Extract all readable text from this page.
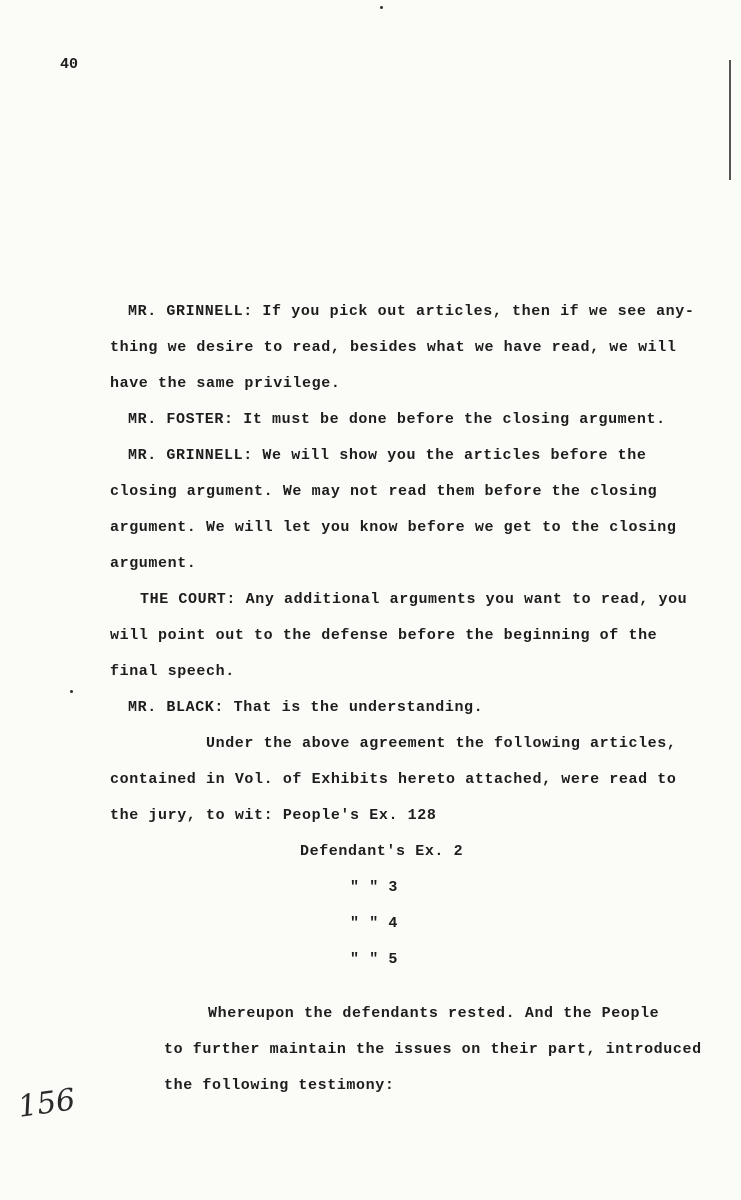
40
MR. GRINNELL: If you pick out articles, then if we see any-
thing we desire to read, besides what we have read, we will
have the same privilege.
MR. FOSTER: It must be done before the closing argument.
MR. GRINNELL: We will show you the articles before the
closing argument. We may not read them before the closing
argument. We will let you know before we get to the closing
argument.
THE COURT: Any additional arguments you want to read, you
will point out to the defense before the beginning of the
final speech.
MR. BLACK: That is the understanding.
Under the above agreement the following articles,
contained in Vol. of Exhibits hereto attached, were read to
the jury, to wit: People's Ex. 128
Defendant's Ex. 2
" " 3
" " 4
" " 5
Whereupon the defendants rested. And the People
to further maintain the issues on their part, introduced
the following testimony:
156
